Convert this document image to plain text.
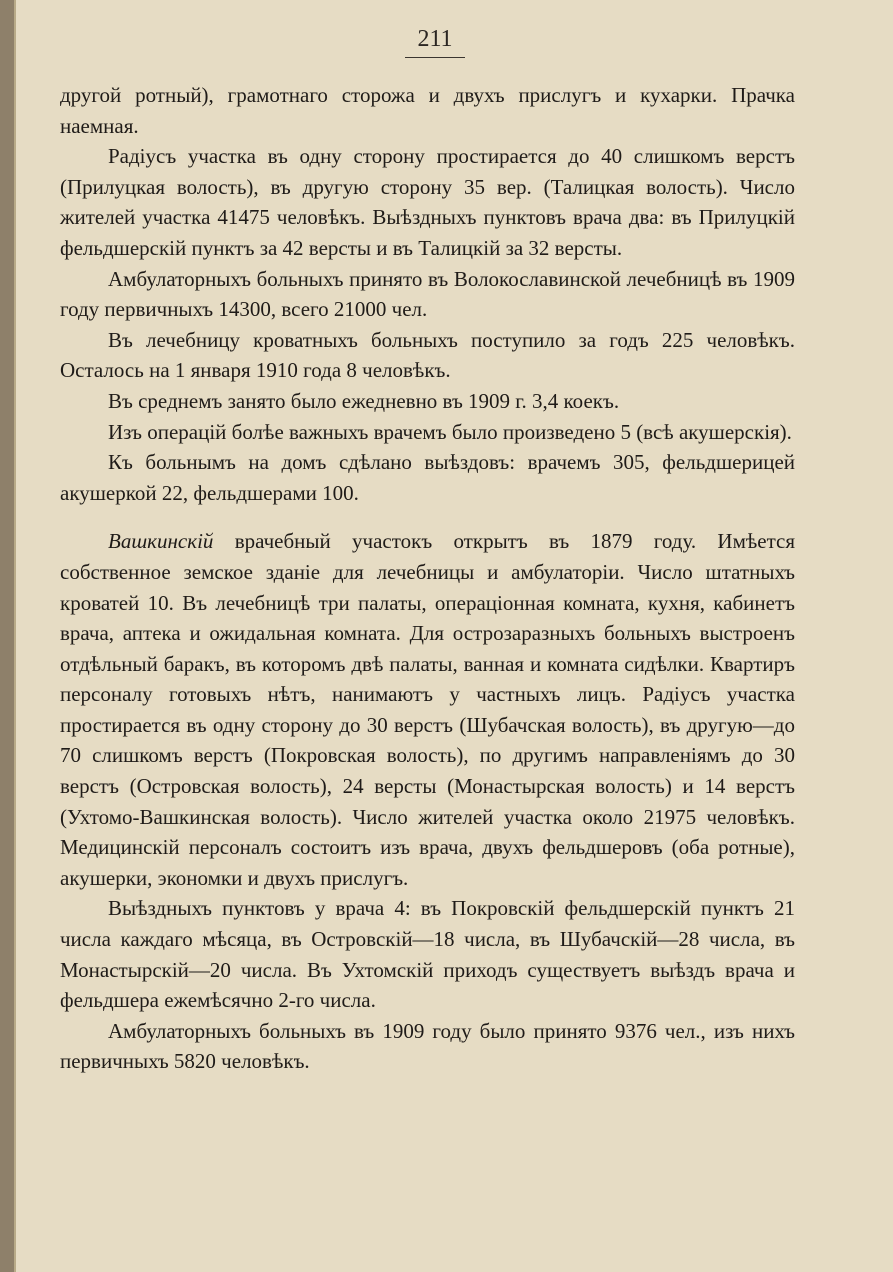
211

другой ротный), грамотнаго сторожа и двухъ прислугъ и кухарки. Прачка наемная.

Радіусъ участка въ одну сторону простирается до 40 слишкомъ верстъ (Прилуцкая волость), въ другую сторону 35 вер. (Талицкая волость). Число жителей участка 41475 человѣкъ. Выѣздныхъ пунктовъ врача два: въ Прилуцкій фельдшерскій пунктъ за 42 версты и въ Талицкій за 32 версты.

Амбулаторныхъ больныхъ принято въ Волокославинской лечебницѣ въ 1909 году первичныхъ 14300, всего 21000 чел.

Въ лечебницу кроватныхъ больныхъ поступило за годъ 225 человѣкъ. Осталось на 1 января 1910 года 8 человѣкъ.

Въ среднемъ занято было ежедневно въ 1909 г. 3,4 коекъ.

Изъ операцій болѣе важныхъ врачемъ было произведено 5 (всѣ акушерскія).

Къ больнымъ на домъ сдѣлано выѣздовъ: врачемъ 305, фельдшерицей акушеркой 22, фельдшерами 100.

Вашкинскій врачебный участокъ открытъ въ 1879 году. Имѣется собственное земское зданіе для лечебницы и амбулаторіи. Число штатныхъ кроватей 10. Въ лечебницѣ три палаты, операціонная комната, кухня, кабинетъ врача, аптека и ожидальная комната. Для острозаразныхъ больныхъ выстроенъ отдѣльный баракъ, въ которомъ двѣ палаты, ванная и комната сидѣлки. Квартиръ персоналу готовыхъ нѣтъ, нанимаютъ у частныхъ лицъ. Радіусъ участка простирается въ одну сторону до 30 верстъ (Шубачская волость), въ другую—до 70 слишкомъ верстъ (Покровская волость), по другимъ направленіямъ до 30 верстъ (Островская волость), 24 версты (Монастырская волость) и 14 верстъ (Ухтомо-Вашкинская волость). Число жителей участка около 21975 человѣкъ. Медицинскій персоналъ состоитъ изъ врача, двухъ фельдшеровъ (оба ротные), акушерки, экономки и двухъ прислугъ.

Выѣздныхъ пунктовъ у врача 4: въ Покровскій фельдшерскій пунктъ 21 числа каждаго мѣсяца, въ Островскій—18 числа, въ Шубачскій—28 числа, въ Монастырскій—20 числа. Въ Ухтомскій приходъ существуетъ выѣздъ врача и фельдшера ежемѣсячно 2-го числа.

Амбулаторныхъ больныхъ въ 1909 году было принято 9376 чел., изъ нихъ первичныхъ 5820 человѣкъ.
